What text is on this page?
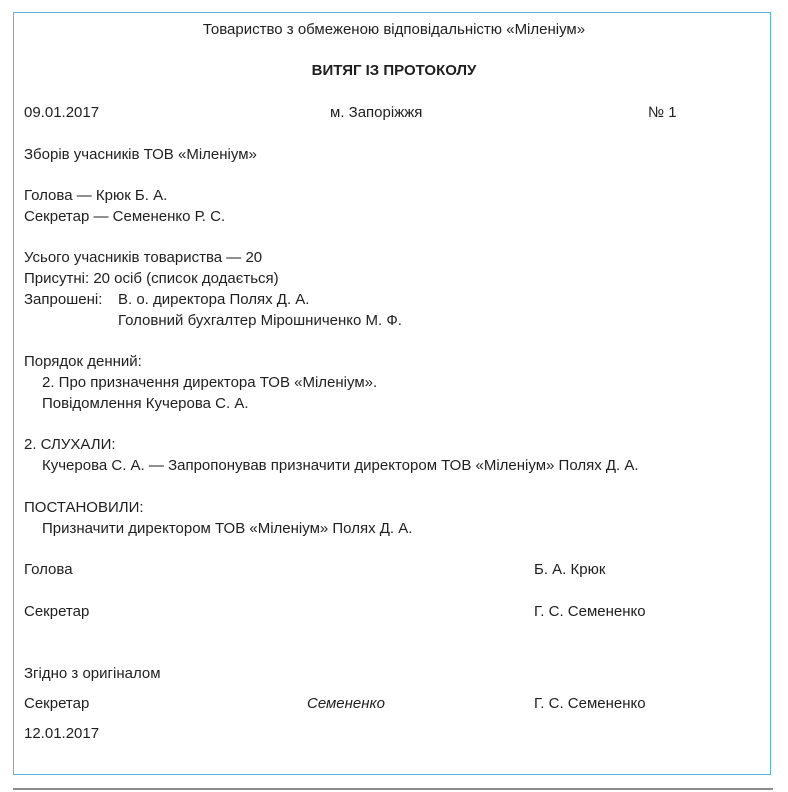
Товариство з обмеженою відповідальністю «Міленіум»
ВИТЯГ ІЗ ПРОТОКОЛУ
09.01.2017	м. Запоріжжя	№ 1
Зборів учасників ТОВ «Міленіум»
Голова — Крюк Б. А.
Секретар — Семененко Р. С.
Усього учасників товариства — 20
Присутні: 20 осіб (список додається)
Запрошені: В. о. директора Полях Д. А.
Головний бухгалтер Мірошниченко М. Ф.
Порядок денний:
2. Про призначення директора ТОВ «Міленіум».
Повідомлення Кучерова С. А.
2. СЛУХАЛИ:
Кучерова С. А. — Запропонував призначити директором ТОВ «Міленіум» Полях Д. А.
ПОСТАНОВИЛИ:
Призначити директором ТОВ «Міленіум» Полях Д. А.
Голова	Б. А. Крюк
Секретар	Г. С. Семененко
Згідно з оригіналом
Секретар	Семененко	Г. С. Семененко
12.01.2017
